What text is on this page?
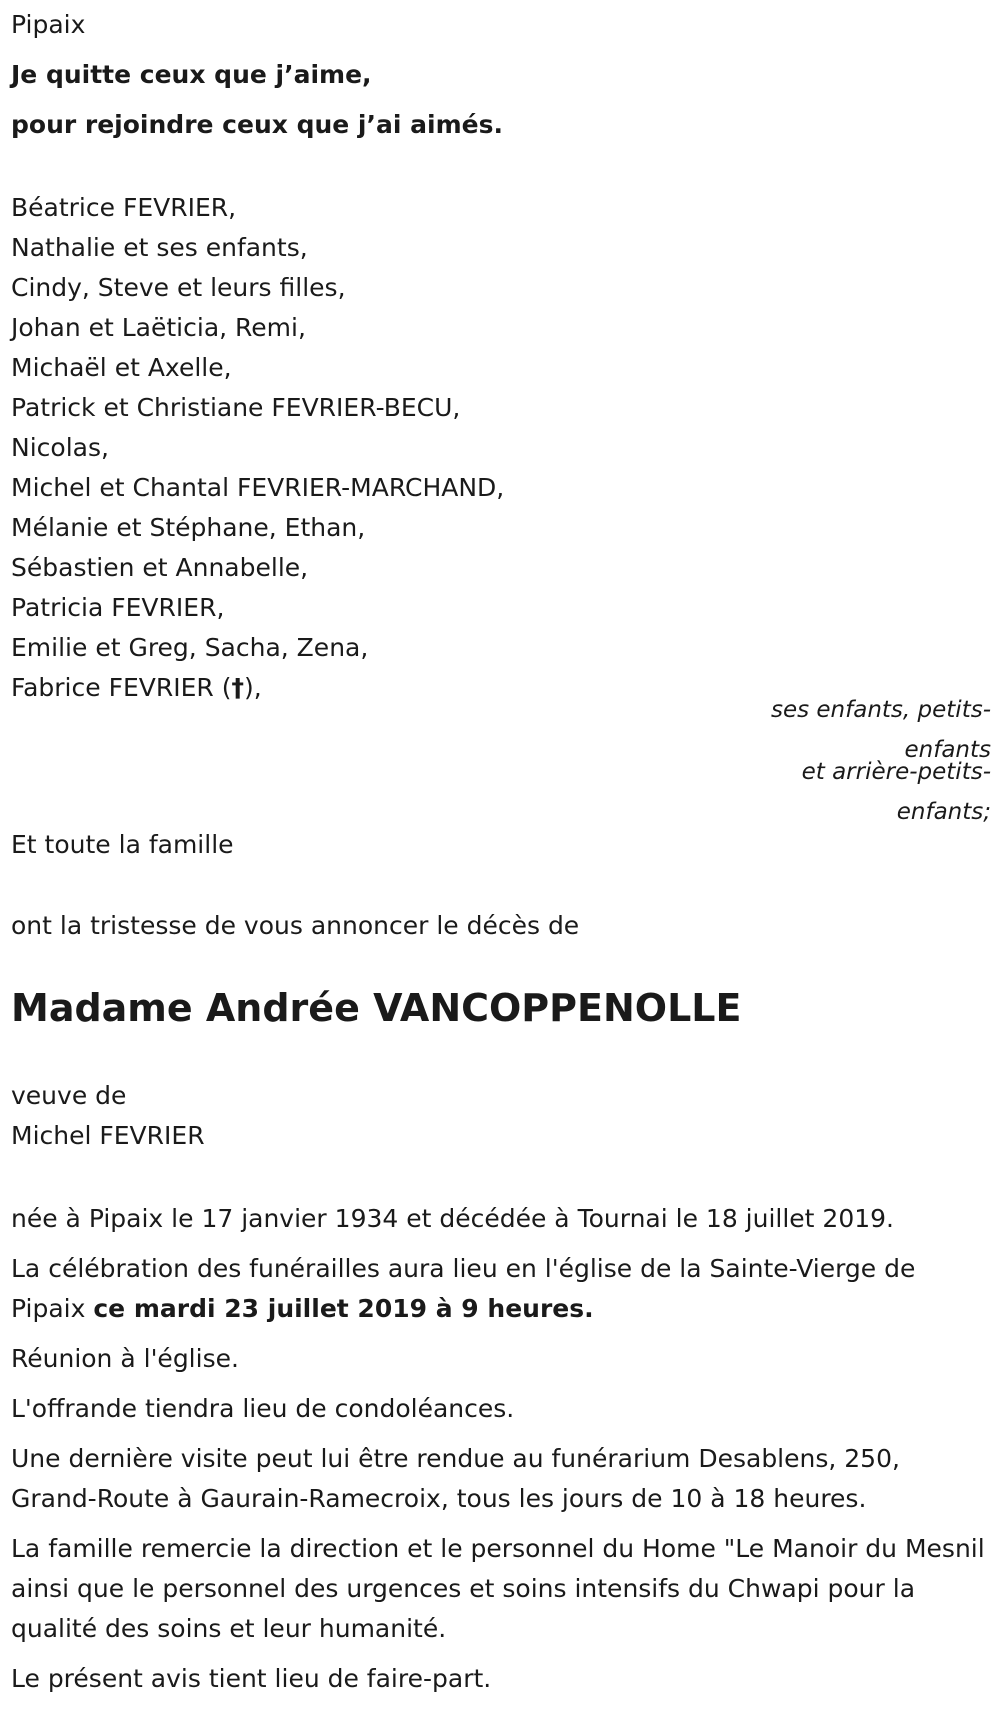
Pipaix
Je quitte ceux que j’aime,
pour rejoindre ceux que j’ai aimés.
Béatrice FEVRIER,
Nathalie et ses enfants,
Cindy, Steve et leurs filles,
Johan et Laëticia, Remi,
Michaël et Axelle,
Patrick et Christiane FEVRIER-BECU,
Nicolas,
Michel et Chantal FEVRIER-MARCHAND,
Mélanie et Stéphane, Ethan,
Sébastien et Annabelle,
Patricia FEVRIER,
Emilie et Greg, Sacha, Zena,
Fabrice FEVRIER (†),
ses enfants, petits-enfants
et arrière-petits-enfants;
Et toute la famille
ont la tristesse de vous annoncer le décès de
Madame Andrée VANCOPPENOLLE
veuve de
Michel FEVRIER
née à Pipaix le 17 janvier 1934 et décédée à Tournai le 18 juillet 2019.
La célébration des funérailles aura lieu en l'église de la Sainte-Vierge de Pipaix ce mardi 23 juillet 2019 à 9 heures.
Réunion à l'église.
L'offrande tiendra lieu de condoléances.
Une dernière visite peut lui être rendue au funérarium Desablens, 250, Grand-Route à Gaurain-Ramecroix, tous les jours de 10 à 18 heures.
La famille remercie la direction et le personnel du Home "Le Manoir du Mesnil ainsi que le personnel des urgences et soins intensifs du Chwapi pour la qualité des soins et leur humanité.
Le présent avis tient lieu de faire-part.
